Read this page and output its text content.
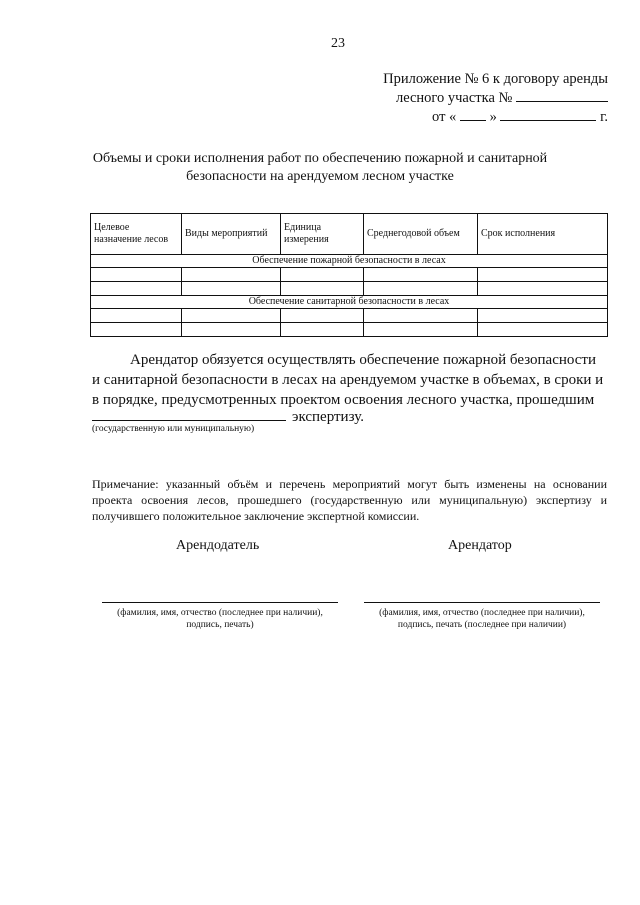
23
Приложение № 6 к договору аренды
лесного участка №
от « »	г.
Объемы и сроки исполнения работ по обеспечению пожарной и санитарной
безопасности на арендуемом лесном участке
Целевое назначение лесов	Виды мероприятий	Единица измерения	Среднегодовой объем	Срок исполнения
Обеспечение пожарной безопасности в лесах				

Обеспечение санитарной безопасности в лесах				

Арендатор обязуется осуществлять обеспечение пожарной безопасности

и санитарной безопасности в лесах на арендуемом участке в объемах, в сроки и

в порядке, предусмотренных проектом освоения лесного участка, прошедшим

экспертизу.
(государственную или муниципальную)
Примечание: указанный объём и перечень мероприятий могут быть изменены на основании проекта освоения лесов, прошедшего (государственную или муниципальную) экспертизу и получившего положительное заключение экспертной комиссии.
Арендодатель	Арендатор
(фамилия, имя, отчество (последнее при наличии),
подпись, печать)
(фамилия, имя, отчество (последнее при наличии),
подпись, печать (последнее при наличии)
